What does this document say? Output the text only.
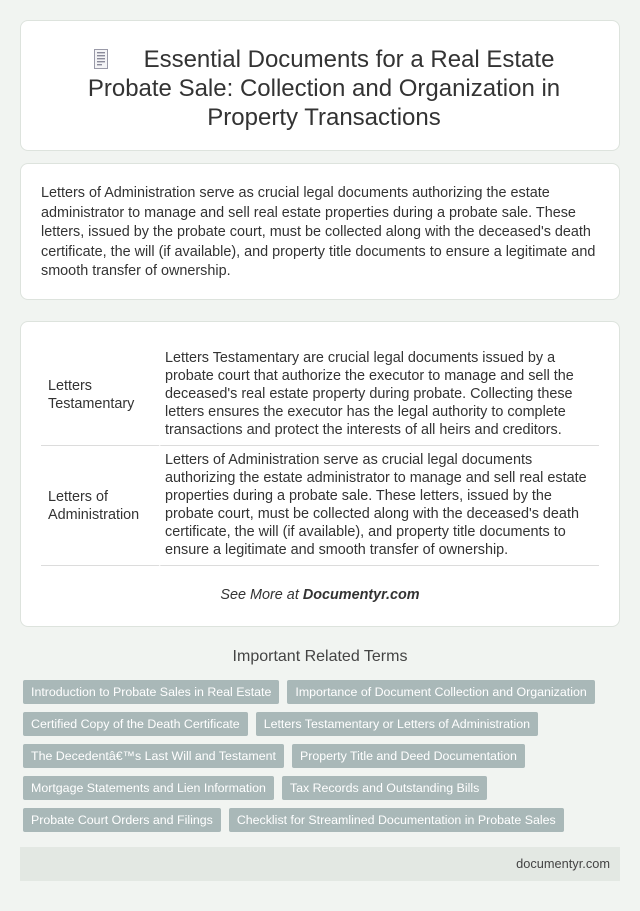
Essential Documents for a Real Estate Probate Sale: Collection and Organization in Property Transactions

Letters of Administration serve as crucial legal documents authorizing the estate administrator to manage and sell real estate properties during a probate sale. These letters, issued by the probate court, must be collected along with the deceased's death certificate, the will (if available), and property title documents to ensure a legitimate and smooth transfer of ownership.

Letters Testamentary	Letters Testamentary are crucial legal documents issued by a probate court that authorize the executor to manage and sell the deceased's real estate property during probate. Collecting these letters ensures the executor has the legal authority to complete transactions and protect the interests of all heirs and creditors.
Letters of Administration	Letters of Administration serve as crucial legal documents authorizing the estate administrator to manage and sell real estate properties during a probate sale. These letters, issued by the probate court, must be collected along with the deceased's death certificate, the will (if available), and property title documents to ensure a legitimate and smooth transfer of ownership.
See More at Documentyr.com
Important Related Terms
Introduction to Probate Sales in Real Estate	Importance of Document Collection and Organization
Certified Copy of the Death Certificate	Letters Testamentary or Letters of Administration
The Decedentâ€™s Last Will and Testament	Property Title and Deed Documentation
Mortgage Statements and Lien Information	Tax Records and Outstanding Bills
Probate Court Orders and Filings	Checklist for Streamlined Documentation in Probate Sales
documentyr.com
